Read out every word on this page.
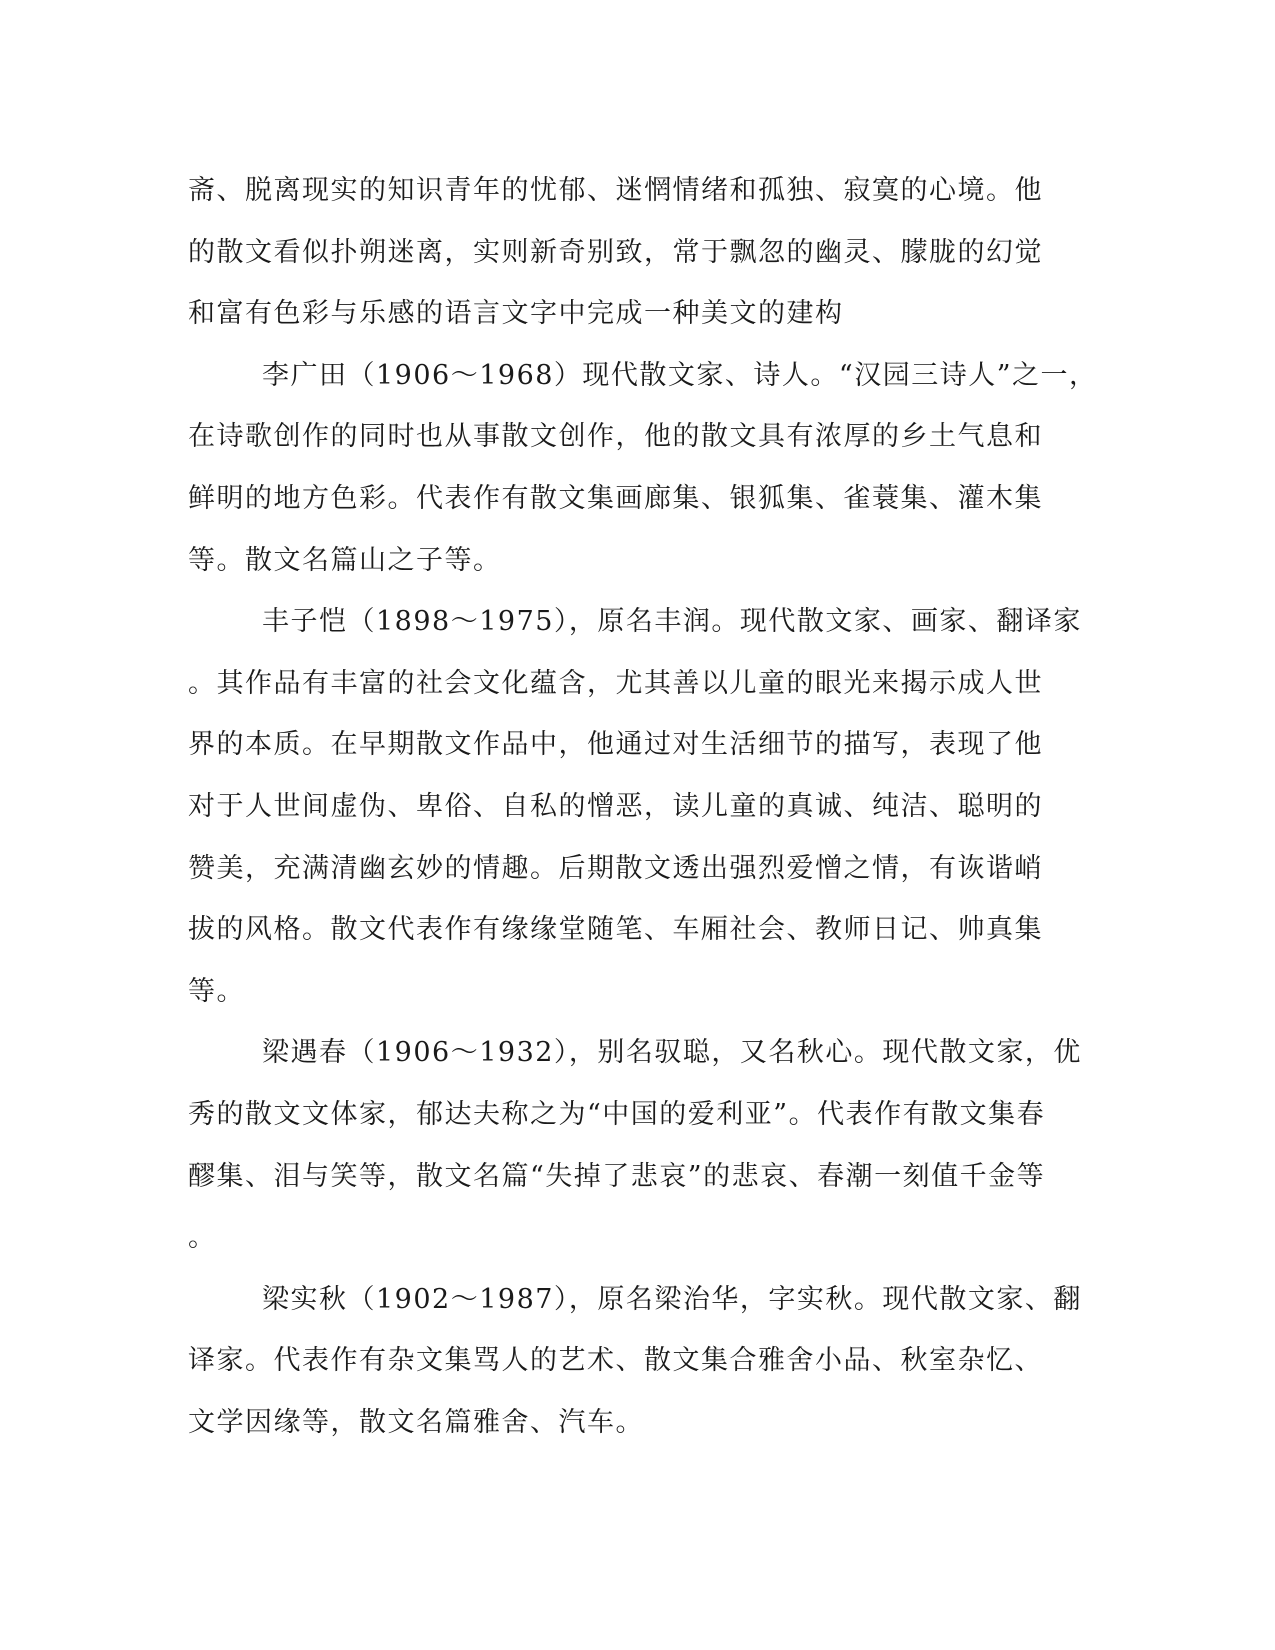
斋、脱离现实的知识青年的忧郁、迷惘情绪和孤独、寂寞的心境。他
的散文看似扑朔迷离，实则新奇别致，常于飘忽的幽灵、朦胧的幻觉
和富有色彩与乐感的语言文字中完成一种美文的建构
李广田（1906～1968）现代散文家、诗人。“汉园三诗人”之一，
在诗歌创作的同时也从事散文创作，他的散文具有浓厚的乡土气息和
鲜明的地方色彩。代表作有散文集画廊集、银狐集、雀蓑集、灌木集
等。散文名篇山之子等。
丰子恺（1898～1975），原名丰润。现代散文家、画家、翻译家
。其作品有丰富的社会文化蕴含，尤其善以儿童的眼光来揭示成人世
界的本质。在早期散文作品中，他通过对生活细节的描写，表现了他
对于人世间虚伪、卑俗、自私的憎恶，读儿童的真诚、纯洁、聪明的
赞美，充满清幽玄妙的情趣。后期散文透出强烈爱憎之情，有诙谐峭
拔的风格。散文代表作有缘缘堂随笔、车厢社会、教师日记、帅真集
等。
梁遇春（1906～1932），别名驭聪，又名秋心。现代散文家，优
秀的散文文体家，郁达夫称之为“中国的爱利亚”。代表作有散文集春
醪集、泪与笑等，散文名篇“失掉了悲哀”的悲哀、春潮一刻值千金等
。
梁实秋（1902～1987），原名梁治华，字实秋。现代散文家、翻
译家。代表作有杂文集骂人的艺术、散文集合雅舍小品、秋室杂忆、
文学因缘等，散文名篇雅舍、汽车。
